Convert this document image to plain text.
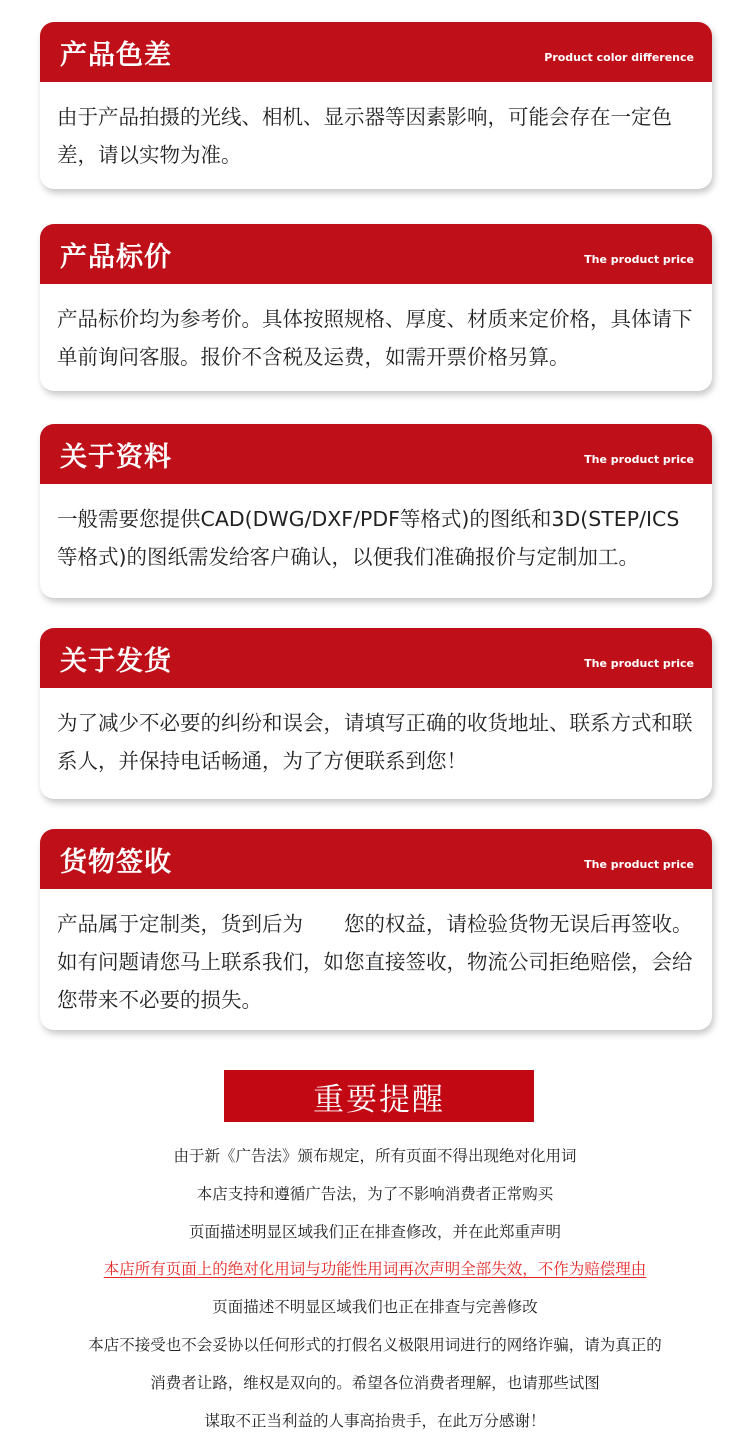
产品色差	Product color difference
由于产品拍摄的光线、相机、显示器等因素影响，可能会存在一定色差，请以实物为准。
产品标价	The product price
产品标价均为参考价。具体按照规格、厚度、材质来定价格，具体请下单前询问客服。报价不含税及运费，如需开票价格另算。
关于资料	The product price
一般需要您提供CAD(DWG/DXF/PDF等格式)的图纸和3D(STEP/ICS等格式)的图纸需发给客户确认，以便我们准确报价与定制加工。
关于发货	The product price
为了减少不必要的纠纷和误会，请填写正确的收货地址、联系方式和联系人，并保持电话畅通，为了方便联系到您！
货物签收	The product price
产品属于定制类，货到后为　　您的权益，请检验货物无误后再签收。如有问题请您马上联系我们，如您直接签收，物流公司拒绝赔偿，会给您带来不必要的损失。
重要提醒
由于新《广告法》颁布规定，所有页面不得出现绝对化用词
本店支持和遵循广告法，为了不影响消费者正常购买
页面描述明显区域我们正在排查修改，并在此郑重声明
本店所有页面上的绝对化用词与功能性用词再次声明全部失效，不作为赔偿理由
页面描述不明显区域我们也正在排查与完善修改
本店不接受也不会妥协以任何形式的打假名义极限用词进行的网络诈骗，请为真正的
消费者让路，维权是双向的。希望各位消费者理解，也请那些试图
谋取不正当利益的人事高抬贵手，在此万分感谢！
